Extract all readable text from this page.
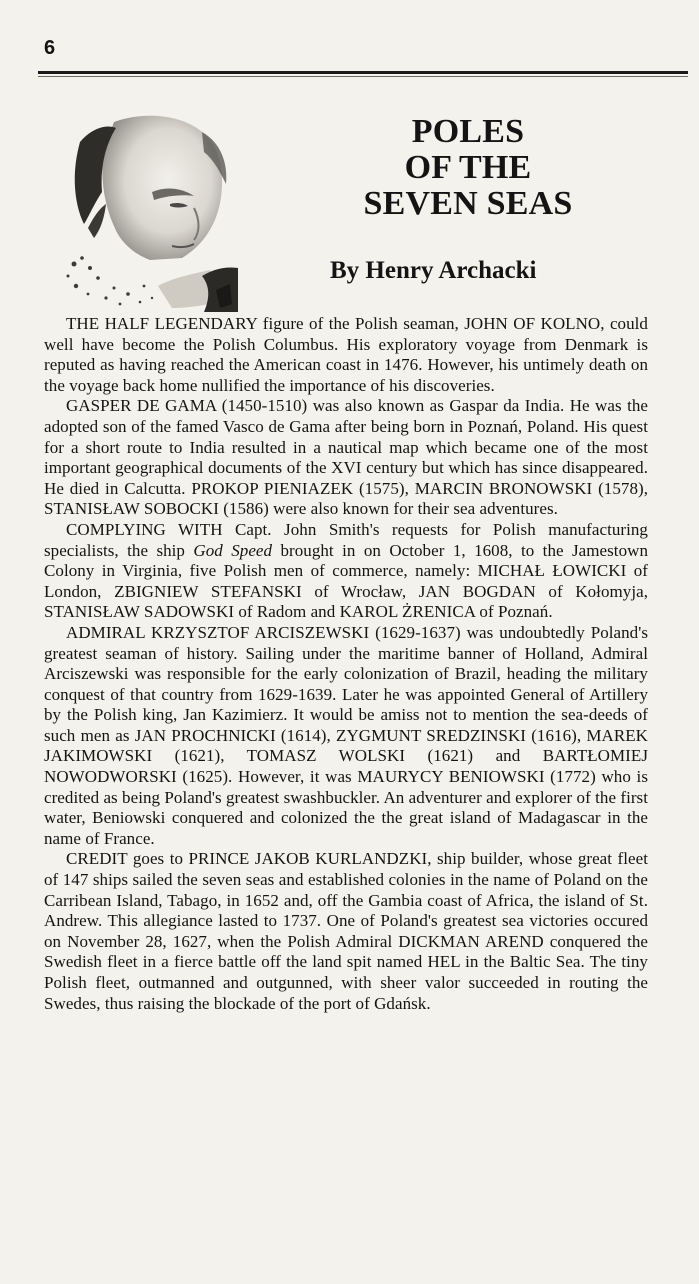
6
POLES
OF THE
SEVEN SEAS
By Henry Archacki

THE HALF LEGENDARY figure of the Polish seaman, JOHN OF KOLNO, could well have become the Polish Columbus. His exploratory voyage from Denmark is reputed as having reached the American coast in 1476. However, his untimely death on the voyage back home nullified the importance of his discoveries.

GASPER DE GAMA (1450-1510) was also known as Gaspar da India. He was the adopted son of the famed Vasco de Gama after being born in Poznań, Poland. His quest for a short route to India resulted in a nautical map which became one of the most important geographical documents of the XVI century but which has since disappeared. He died in Calcutta. PROKOP PIENIAZEK (1575), MARCIN BRONOWSKI (1578), STANISŁAW SOBOCKI (1586) were also known for their sea adventures.

COMPLYING WITH Capt. John Smith's requests for Polish manufacturing specialists, the ship God Speed brought in on October 1, 1608, to the Jamestown Colony in Virginia, five Polish men of commerce, namely: MICHAŁ ŁOWICKI of London, ZBIGNIEW STEFANSKI of Wrocław, JAN BOGDAN of Kołomyja, STANISŁAW SADOWSKI of Radom and KAROL ŻRENICA of Poznań.

ADMIRAL KRZYSZTOF ARCISZEWSKI (1629-1637) was undoubtedly Poland's greatest seaman of history. Sailing under the maritime banner of Holland, Admiral Arciszewski was responsible for the early colonization of Brazil, heading the military conquest of that country from 1629-1639. Later he was appointed General of Artillery by the Polish king, Jan Kazimierz. It would be amiss not to mention the sea-deeds of such men as JAN PROCHNICKI (1614), ZYGMUNT SREDZINSKI (1616), MAREK JAKIMOWSKI (1621), TOMASZ WOLSKI (1621) and BARTŁOMIEJ NOWODWORSKI (1625). However, it was MAURYCY BENIOWSKI (1772) who is credited as being Poland's greatest swashbuckler. An adventurer and explorer of the first water, Beniowski conquered and colonized the the great island of Madagascar in the name of France.

CREDIT goes to PRINCE JAKOB KURLANDZKI, ship builder, whose great fleet of 147 ships sailed the seven seas and established colonies in the name of Poland on the Carribean Island, Tabago, in 1652 and, off the Gambia coast of Africa, the island of St. Andrew. This allegiance lasted to 1737. One of Poland's greatest sea victories occured on November 28, 1627, when the Polish Admiral DICKMAN AREND conquered the Swedish fleet in a fierce battle off the land spit named HEL in the Baltic Sea. The tiny Polish fleet, outmanned and outgunned, with sheer valor succeeded in routing the Swedes, thus raising the blockade of the port of Gdańsk.
